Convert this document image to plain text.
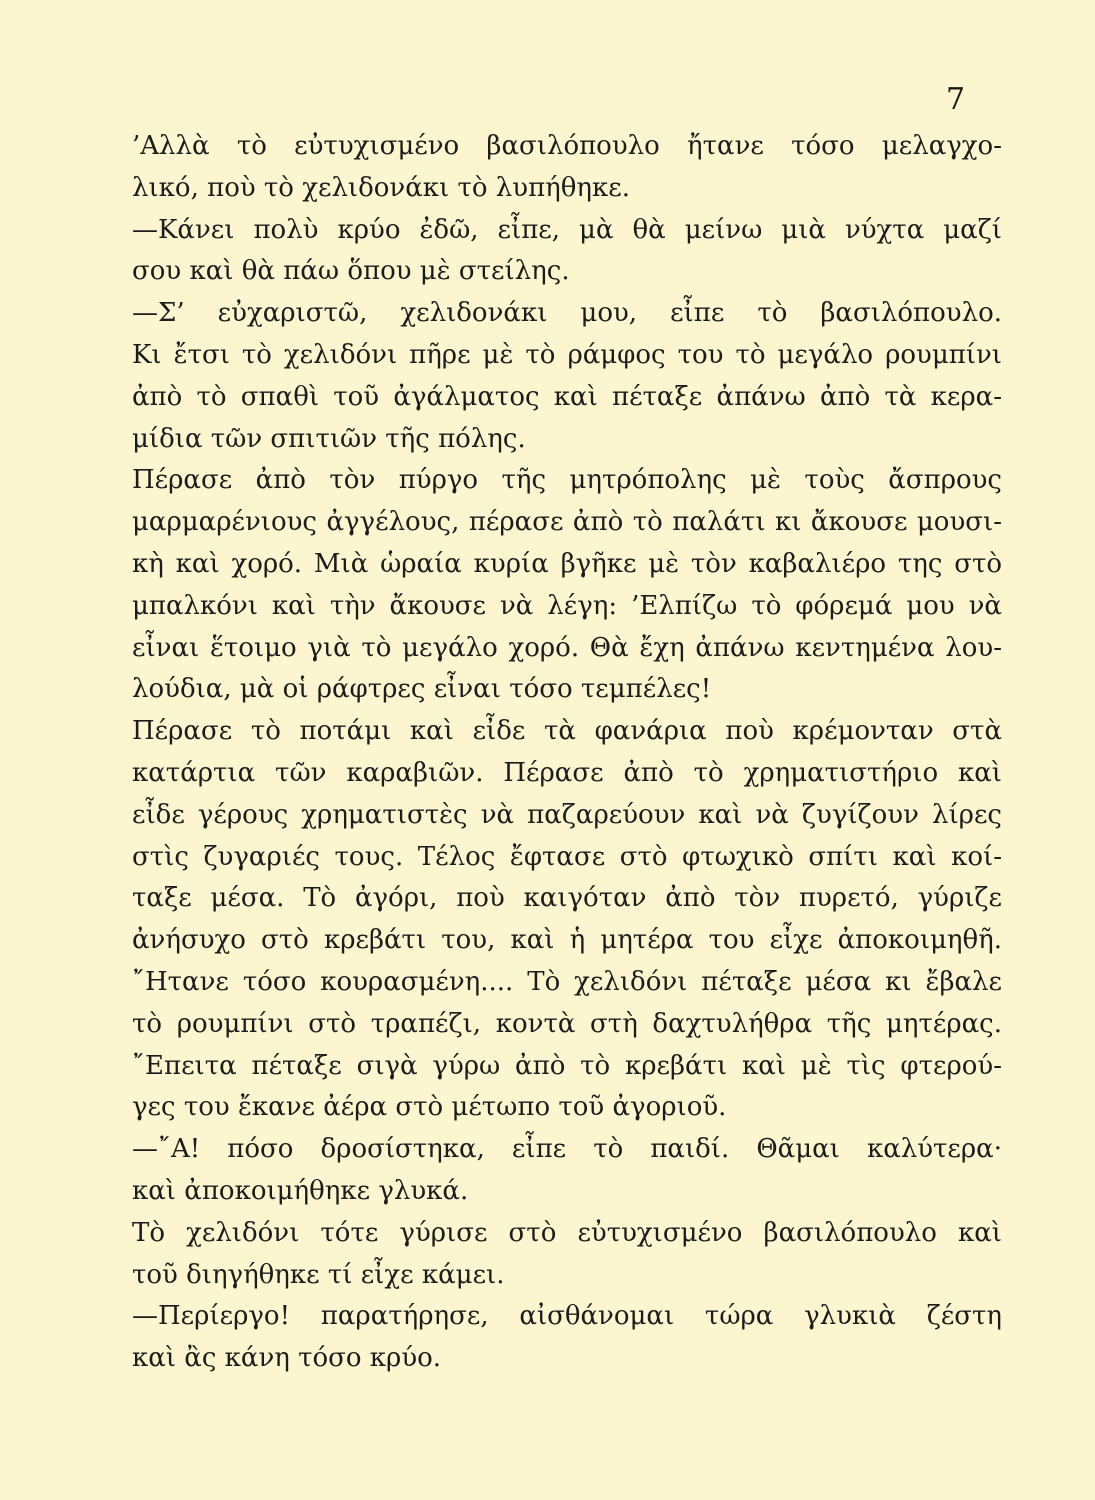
7
’Αλλὰ τὸ εὐτυχισμένο βασιλόπουλο ἤτανε τόσο μελαγχο-
λικό, ποὺ τὸ χελιδονάκι τὸ λυπήθηκε.
—Κάνει πολὺ κρύο ἐδῶ, εἶπε, μὰ θὰ μείνω μιὰ νύχτα μαζί
σου καὶ θὰ πάω ὅπου μὲ στείλης.
—Σ’ εὐχαριστῶ, χελιδονάκι μου, εἶπε τὸ βασιλόπουλο.
Κι ἔτσι τὸ χελιδόνι πῆρε μὲ τὸ ράμφος του τὸ μεγάλο ρουμπίνι
ἀπὸ τὸ σπαθὶ τοῦ ἀγάλματος καὶ πέταξε ἀπάνω ἀπὸ τὰ κερα-
μίδια τῶν σπιτιῶν τῆς πόλης.
Πέρασε ἀπὸ τὸν πύργο τῆς μητρόπολης μὲ τοὺς ἄσπρους
μαρμαρένιους ἀγγέλους, πέρασε ἀπὸ τὸ παλάτι κι ἄκουσε μουσι-
κὴ καὶ χορό. Μιὰ ὡραία κυρία βγῆκε μὲ τὸν καβαλιέρο της στὸ
μπαλκόνι καὶ τὴν ἄκουσε νὰ λέγη: ’Ελπίζω τὸ φόρεμά μου νὰ
εἶναι ἕτοιμο γιὰ τὸ μεγάλο χορό. Θὰ ἔχη ἀπάνω κεντημένα λου-
λούδια, μὰ οἱ ράφτρες εἶναι τόσο τεμπέλες!
Πέρασε τὸ ποτάμι καὶ εἶδε τὰ φανάρια ποὺ κρέμονταν στὰ
κατάρτια τῶν καραβιῶν. Πέρασε ἀπὸ τὸ χρηματιστήριο καὶ
εἶδε γέρους χρηματιστὲς νὰ παζαρεύουν καὶ νὰ ζυγίζουν λίρες
στὶς ζυγαριές τους. Τέλος ἔφτασε στὸ φτωχικὸ σπίτι καὶ κοί-
ταξε μέσα. Τὸ ἀγόρι, ποὺ καιγόταν ἀπὸ τὸν πυρετό, γύριζε
ἀνήσυχο στὸ κρεβάτι του, καὶ ἡ μητέρα του εἶχε ἀποκοιμηθῆ.
῎Ητανε τόσο κουρασμένη.... Τὸ χελιδόνι πέταξε μέσα κι ἔβαλε
τὸ ρουμπίνι στὸ τραπέζι, κοντὰ στὴ δαχτυλήθρα τῆς μητέρας.
῎Επειτα πέταξε σιγὰ γύρω ἀπὸ τὸ κρεβάτι καὶ μὲ τὶς φτερού-
γες του ἔκανε ἀέρα στὸ μέτωπο τοῦ ἀγοριοῦ.
—῎Α! πόσο δροσίστηκα, εἶπε τὸ παιδί. Θᾶμαι καλύτερα·
καὶ ἀποκοιμήθηκε γλυκά.
Τὸ χελιδόνι τότε γύρισε στὸ εὐτυχισμένο βασιλόπουλο καὶ
τοῦ διηγήθηκε τί εἶχε κάμει.
—Περίεργο! παρατήρησε, αἰσθάνομαι τώρα γλυκιὰ ζέστη
καὶ ἂς κάνη τόσο κρύο.
